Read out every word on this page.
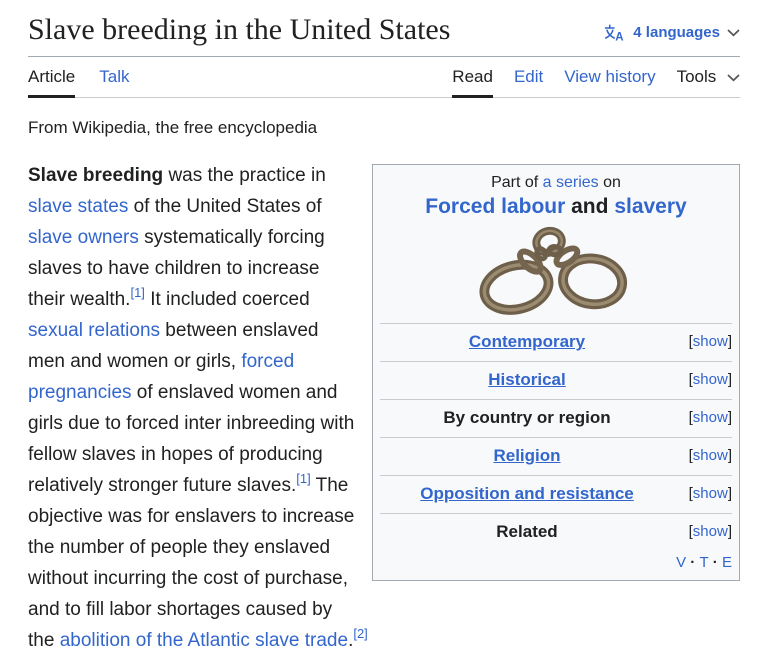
Slave breeding in the United States	A 4 languages
Article Talk	Read Edit View history Tools
From Wikipedia, the free encyclopedia
Part of a series on
Forced labour and slavery
Contemporary	[show]
Historical	[show]
By country or region	[show]
Religion	[show]
Opposition and resistance	[show]
Related	[show]
V · T · E

Slave breeding was the practice in slave states of the United States of slave owners systematically forcing slaves to have children to increase their wealth.[1] It included coerced sexual relations between enslaved men and women or girls, forced pregnancies of enslaved women and girls due to forced inter inbreeding with fellow slaves in hopes of producing relatively stronger future slaves.[1] The objective was for enslavers to increase the number of people they enslaved without incurring the cost of purchase, and to fill labor shortages caused by the abolition of the Atlantic slave trade.[2]
